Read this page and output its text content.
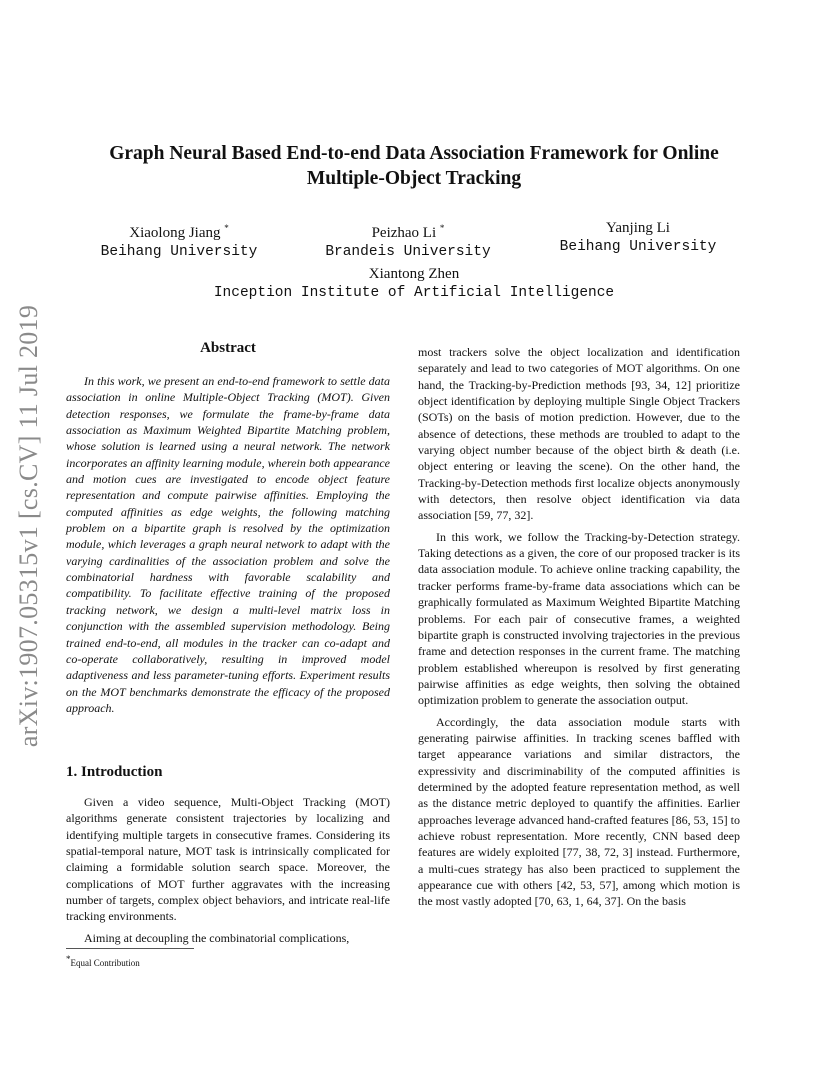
arXiv:1907.05315v1 [cs.CV] 11 Jul 2019
Graph Neural Based End-to-end Data Association Framework for Online
Multiple-Object Tracking
Xiaolong Jiang *
Beihang University
Peizhao Li *
Brandeis University
Yanjing Li
Beihang University
Xiantong Zhen
Inception Institute of Artificial Intelligence
Abstract

In this work, we present an end-to-end framework to settle data association in online Multiple-Object Tracking (MOT). Given detection responses, we formulate the frame-by-frame data association as Maximum Weighted Bipartite Matching problem, whose solution is learned using a neural network. The network incorporates an affinity learning module, wherein both appearance and motion cues are investigated to encode object feature representation and compute pairwise affinities. Employing the computed affinities as edge weights, the following matching problem on a bipartite graph is resolved by the optimization module, which leverages a graph neural network to adapt with the varying cardinalities of the association problem and solve the combinatorial hardness with favorable scalability and compatibility. To facilitate effective training of the proposed tracking network, we design a multi-level matrix loss in conjunction with the assembled supervision methodology. Being trained end-to-end, all modules in the tracker can co-adapt and co-operate collaboratively, resulting in improved model adaptiveness and less parameter-tuning efforts. Experiment results on the MOT benchmarks demonstrate the efficacy of the proposed approach.

1. Introduction

Given a video sequence, Multi-Object Tracking (MOT) algorithms generate consistent trajectories by localizing and identifying multiple targets in consecutive frames. Considering its spatial-temporal nature, MOT task is intrinsically complicated for claiming a formidable solution search space. Moreover, the complications of MOT further aggravates with the increasing number of targets, complex object behaviors, and intricate real-life tracking environments.

Aiming at decoupling the combinatorial complications,

*Equal Contribution

most trackers solve the object localization and identification separately and lead to two categories of MOT algorithms. On one hand, the Tracking-by-Prediction methods [93, 34, 12] prioritize object identification by deploying multiple Single Object Trackers (SOTs) on the basis of motion prediction. However, due to the absence of detections, these methods are troubled to adapt to the varying object number because of the object birth & death (i.e. object entering or leaving the scene). On the other hand, the Tracking-by-Detection methods first localize objects anonymously with detectors, then resolve object identification via data association [59, 77, 32].

In this work, we follow the Tracking-by-Detection strategy. Taking detections as a given, the core of our proposed tracker is its data association module. To achieve online tracking capability, the tracker performs frame-by-frame data associations which can be graphically formulated as Maximum Weighted Bipartite Matching problems. For each pair of consecutive frames, a weighted bipartite graph is constructed involving trajectories in the previous frame and detection responses in the current frame. The matching problem established whereupon is resolved by first generating pairwise affinities as edge weights, then solving the obtained optimization problem to generate the association output.

Accordingly, the data association module starts with generating pairwise affinities. In tracking scenes baffled with target appearance variations and similar distractors, the expressivity and discriminability of the computed affinities is determined by the adopted feature representation method, as well as the distance metric deployed to quantify the affinities. Earlier approaches leverage advanced hand-crafted features [86, 53, 15] to achieve robust representation. More recently, CNN based deep features are widely exploited [77, 38, 72, 3] instead. Furthermore, a multi-cues strategy has also been practiced to supplement the appearance cue with others [42, 53, 57], among which motion is the most vastly adopted [70, 63, 1, 64, 37]. On the basis
